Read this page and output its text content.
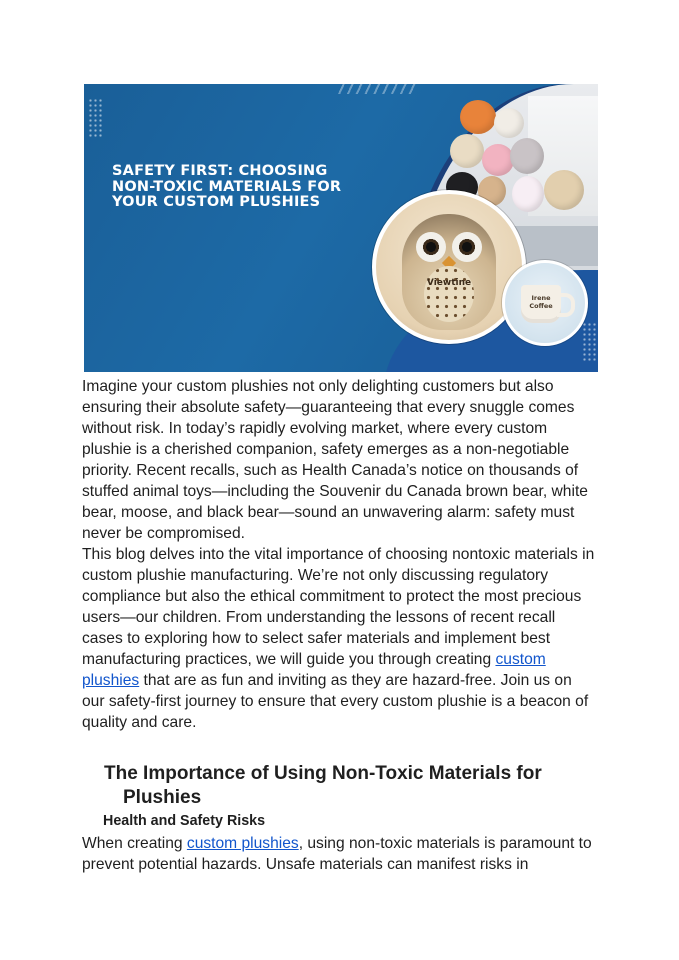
SAFETY FIRST: CHOOSING
NON-TOXIC MATERIALS FOR
YOUR CUSTOM PLUSHIES
Viewtine
Irene
Coffee

Imagine your custom plushies not only delighting customers but also ensuring their absolute safety—guaranteeing that every snuggle comes without risk. In today’s rapidly evolving market, where every custom plushie is a cherished companion, safety emerges as a non-negotiable priority. Recent recalls, such as Health Canada’s notice on thousands of stuffed animal toys—including the Souvenir du Canada brown bear, white bear, moose, and black bear—sound an unwavering alarm: safety must never be compromised.

This blog delves into the vital importance of choosing nontoxic materials in custom plushie manufacturing. We’re not only discussing regulatory compliance but also the ethical commitment to protect the most precious users—our children. From understanding the lessons of recent recall cases to exploring how to select safer materials and implement best manufacturing practices, we will guide you through creating custom plushies that are as fun and inviting as they are hazard-free. Join us on our safety-first journey to ensure that every custom plushie is a beacon of quality and care.

The Importance of Using Non-Toxic Materials for
Plushies
Health and Safety Risks

When creating custom plushies, using non-toxic materials is paramount to prevent potential hazards. Unsafe materials can manifest risks in
